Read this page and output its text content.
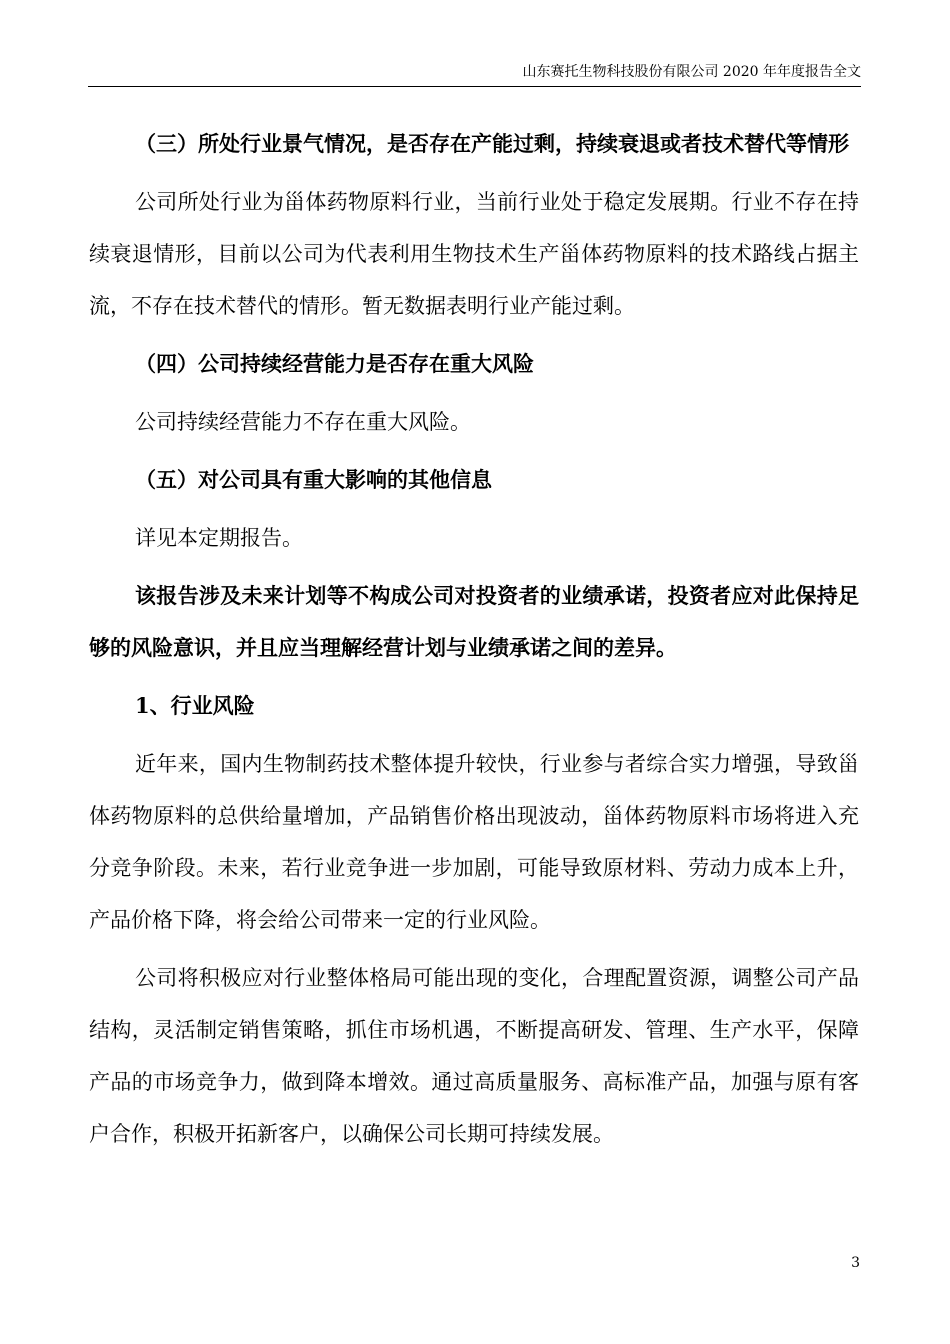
山东赛托生物科技股份有限公司 2020 年年度报告全文

（三）所处行业景气情况，是否存在产能过剩，持续衰退或者技术替代等情形

公司所处行业为甾体药物原料行业，当前行业处于稳定发展期。行业不存在持续衰退情形，目前以公司为代表利用生物技术生产甾体药物原料的技术路线占据主流，不存在技术替代的情形。暂无数据表明行业产能过剩。

（四）公司持续经营能力是否存在重大风险

公司持续经营能力不存在重大风险。

（五）对公司具有重大影响的其他信息

详见本定期报告。

该报告涉及未来计划等不构成公司对投资者的业绩承诺，投资者应对此保持足够的风险意识，并且应当理解经营计划与业绩承诺之间的差异。

1、行业风险

近年来，国内生物制药技术整体提升较快，行业参与者综合实力增强，导致甾体药物原料的总供给量增加，产品销售价格出现波动，甾体药物原料市场将进入充分竞争阶段。未来，若行业竞争进一步加剧，可能导致原材料、劳动力成本上升，产品价格下降，将会给公司带来一定的行业风险。

公司将积极应对行业整体格局可能出现的变化，合理配置资源，调整公司产品结构，灵活制定销售策略，抓住市场机遇，不断提高研发、管理、生产水平，保障产品的市场竞争力，做到降本增效。通过高质量服务、高标准产品，加强与原有客户合作，积极开拓新客户，以确保公司长期可持续发展。

3
